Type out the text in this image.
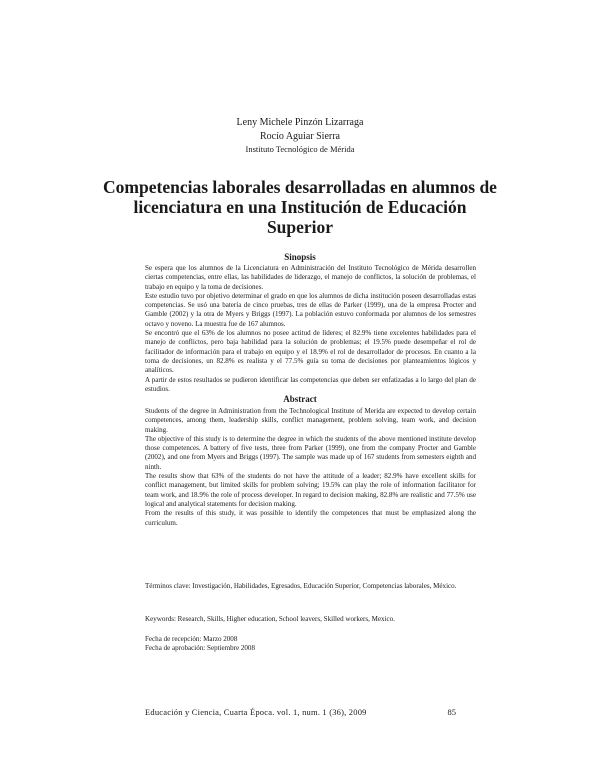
Leny Michele Pinzón Lizarraga
Rocío Aguiar Sierra
Instituto Tecnológico de Mérida
Competencias laborales desarrolladas en alumnos de licenciatura en una Institución de Educación Superior
Sinopsis

Se espera que los alumnos de la Licenciatura en Administración del Instituto Tecnológico de Mérida desarrollen ciertas competencias, entre ellas, las habilidades de liderazgo, el manejo de conflictos, la solución de problemas, el trabajo en equipo y la toma de decisiones.

Este estudio tuvo por objetivo determinar el grado en que los alumnos de dicha institución poseen desarrolladas estas competencias. Se usó una batería de cinco pruebas, tres de ellas de Parker (1999), una de la empresa Procter and Gamble (2002) y la otra de Myers y Briggs (1997). La población estuvo conformada por alumnos de los semestres octavo y noveno. La muestra fue de 167 alumnos.

Se encontró que el 63% de los alumnos no posee actitud de líderes; el 82.9% tiene excelentes habilidades para el manejo de conflictos, pero baja habilidad para la solución de problemas; el 19.5% puede desempeñar el rol de facilitador de información para el trabajo en equipo y el 18.9% el rol de desarrollador de procesos. En cuanto a la toma de decisiones, un 82.8% es realista y el 77.5% guía su toma de decisiones por planteamientos lógicos y analíticos.

A partir de estos resultados se pudieron identificar las competencias que deben ser enfatizadas a lo largo del plan de estudios.

Abstract

Students of the degree in Administration from the Technological Institute of Merida are expected to develop certain competences, among them, leadership skills, conflict management, problem solving, team work, and decision making.

The objective of this study is to determine the degree in which the students of the above mentioned institute develop those competences. A battery of five tests, three from Parker (1999), one from the company Procter and Gamble (2002), and one from Myers and Briggs (1997). The sample was made up of 167 students from semesters eighth and ninth.

The results show that 63% of the students do not have the attitude of a leader; 82.9% have excellent skills for conflict management, but limited skills for problem solving; 19.5% can play the role of information facilitator for team work, and 18.9% the role of process developer. In regard to decision making, 82.8% are realistic and 77.5% use logical and analytical statements for decision making.

From the results of this study, it was possible to identify the competences that must be emphasized along the curriculum.

Términos clave: Investigación, Habilidades, Egresados, Educación Superior, Competencias laborales, México.

Keywords: Research, Skills, Higher education, School leavers, Skilled workers, Mexico.

Fecha de recepción: Marzo 2008

Fecha de aprobación: Septiembre 2008

Educación y Ciencia, Cuarta Época. vol. 1, num. 1 (36), 2009	85
